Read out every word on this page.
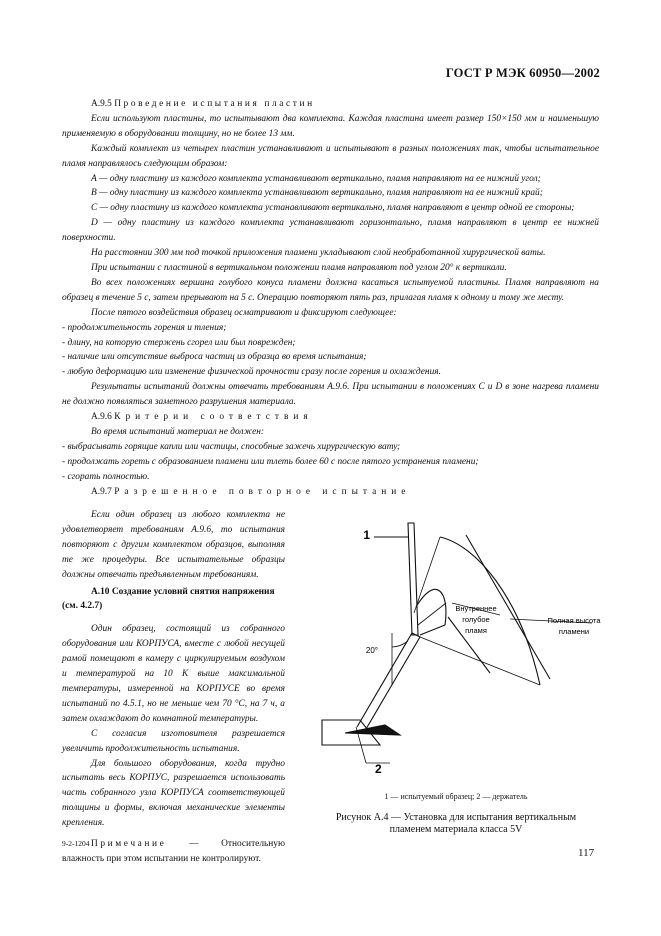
ГОСТ Р МЭК 60950—2002

А.9.5 Проведение испытания пластин

Если используют пластины, то испытывают два комплекта. Каждая пластина имеет размер 150×150 мм и наименьшую применяемую в оборудовании толщину, но не более 13 мм.

Каждый комплект из четырех пластин устанавливают и испытывают в разных положениях так, чтобы испытательное пламя направлялось следующим образом:

А — одну пластину из каждого комплекта устанавливают вертикально, пламя направляют на ее нижний угол;

В — одну пластину из каждого комплекта устанавливают вертикально, пламя направляют на ее нижний край;

С — одну пластину из каждого комплекта устанавливают вертикально, пламя направляют в центр одной ее стороны;

D — одну пластину из каждого комплекта устанавливают горизонтально, пламя направляют в центр ее нижней поверхности.

На расстоянии 300 мм под точкой приложения пламени укладывают слой необработанной хирургической ваты.

При испытании с пластиной в вертикальном положении пламя направляют под углом 20° к вертикали.

Во всех положениях вершина голубого конуса пламени должна касаться испытуемой пластины. Пламя направляют на образец в течение 5 с, затем прерывают на 5 с. Операцию повторяют пять раз, прилагая пламя к одному и тому же месту.

После пятого воздействия образец осматривают и фиксируют следующее:

- продолжительность горения и тления;

- длину, на которую стержень сгорел или был поврежден;

- наличие или отсутствие выброса частиц из образца во время испытания;

- любую деформацию или изменение физической прочности сразу после горения и охлаждения.

Результаты испытаний должны отвечать требованиям А.9.6. При испытании в положениях С и D в зоне нагрева пламени не должно появляться заметного разрушения материала.

А.9.6 Критерии соответствия

Во время испытаний материал не должен:

- выбрасывать горящие капли или частицы, способные зажечь хирургическую вату;

- продолжать гореть с образованием пламени или тлеть более 60 с после пятого устранения пламени;

- сгорать полностью.

А.9.7 Разрешенное повторное испытание

Если один образец из любого комплекта не удовлетворяет требованиям А.9.6, то испытания повторяют с другим комплектом образцов, выполняя те же процедуры. Все испытательные образцы должны отвечать предъявленным требованиям.

А.10 Создание условий снятия напряжения (см. 4.2.7)

Один образец, состоящий из собранного оборудования или КОРПУСА, вместе с любой несущей рамой помещают в камеру с циркулируемым воздухом и температурой на 10 К выше максимальной температуры, измеренной на КОРПУСЕ во время испытаний по 4.5.1, но не меньше чем 70 °С, на 7 ч, а затем охлаждают до комнатной температуры.

С согласия изготовителя разрешается увеличить продолжительность испытания.

Для большого оборудования, когда трудно испытать весь КОРПУС, разрешается использовать часть собранного узла КОРПУСА соответствующей толщины и формы, включая механические элементы крепления.

Примечание — Относительную влажность при этом испытании не контролируют.

1
2
20°
Внутреннее
голубое
пламя
Полная высота
пламени
1 — испытуемый образец; 2 — держатель
Рисунок А.4 — Установка для испытания вертикальным
пламенем материала класса 5V
9-2-1204
117
